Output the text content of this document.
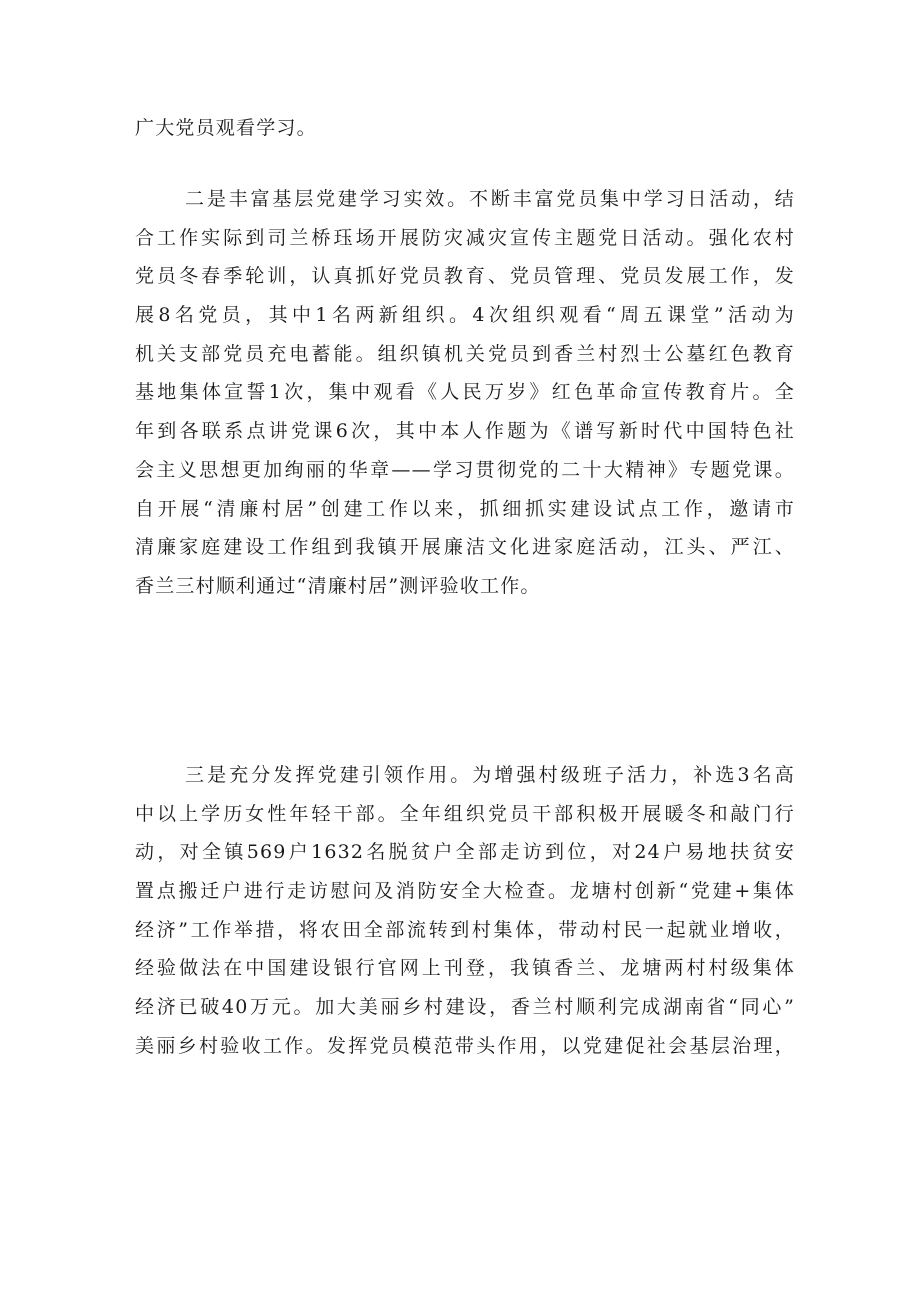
广大党员观看学习。
二是丰富基层党建学习实效。不断丰富党员集中学习日活动，结
合工作实际到司兰桥珏场开展防灾减灾宣传主题党日活动。强化农村
党员冬春季轮训，认真抓好党员教育、党员管理、党员发展工作，发
展8名党员，其中1名两新组织。4次组织观看“周五课堂”活动为
机关支部党员充电蓄能。组织镇机关党员到香兰村烈士公墓红色教育
基地集体宣誓1次，集中观看《人民万岁》红色革命宣传教育片。全
年到各联系点讲党课6次，其中本人作题为《谱写新时代中国特色社
会主义思想更加绚丽的华章——学习贯彻党的二十大精神》专题党课。
自开展“清廉村居”创建工作以来，抓细抓实建设试点工作，邀请市
清廉家庭建设工作组到我镇开展廉洁文化进家庭活动，江头、严江、
香兰三村顺利通过“清廉村居”测评验收工作。
三是充分发挥党建引领作用。为增强村级班子活力，补选3名高
中以上学历女性年轻干部。全年组织党员干部积极开展暖冬和敲门行
动，对全镇569户1632名脱贫户全部走访到位，对24户易地扶贫安
置点搬迁户进行走访慰问及消防安全大检查。龙塘村创新“党建+集体
经济”工作举措，将农田全部流转到村集体，带动村民一起就业增收，
经验做法在中国建设银行官网上刊登，我镇香兰、龙塘两村村级集体
经济已破40万元。加大美丽乡村建设，香兰村顺利完成湖南省“同心”
美丽乡村验收工作。发挥党员模范带头作用，以党建促社会基层治理，
